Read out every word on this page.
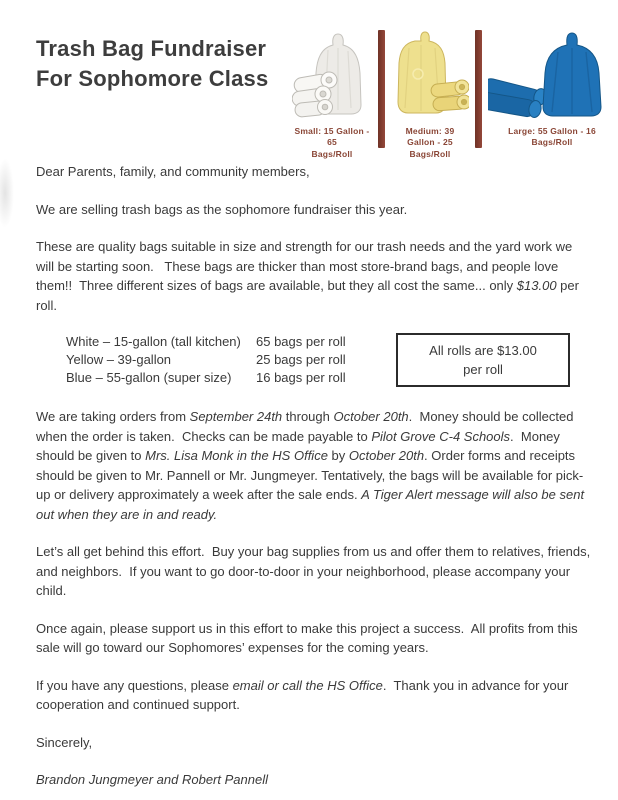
Trash Bag Fundraiser
For Sophomore Class
Small: 15 Gallon - 65
Bags/Roll
Medium: 39 Gallon - 25
Bags/Roll
Large: 55 Gallon - 16
Bags/Roll

Dear Parents, family, and community members,

We are selling trash bags as the sophomore fundraiser this year.

These are quality bags suitable in size and strength for our trash needs and the yard work we will be starting soon.   These bags are thicker than most store-brand bags, and people love them!!  Three different sizes of bags are available, but they all cost the same... only $13.00 per roll.

White – 15-gallon (tall kitchen)	65 bags per roll
Yellow – 39-gallon	25 bags per roll
Blue – 55-gallon (super size)	16 bags per roll
All rolls are $13.00
per roll

We are taking orders from September 24th through October 20th.  Money should be collected when the order is taken.  Checks can be made payable to Pilot Grove C-4 Schools.  Money should be given to Mrs. Lisa Monk in the HS Office by October 20th. Order forms and receipts should be given to Mr. Pannell or Mr. Jungmeyer. Tentatively, the bags will be available for pick-up or delivery approximately a week after the sale ends. A Tiger Alert message will also be sent out when they are in and ready.

Let’s all get behind this effort.  Buy your bag supplies from us and offer them to relatives, friends, and neighbors.  If you want to go door-to-door in your neighborhood, please accompany your child.

Once again, please support us in this effort to make this project a success.  All profits from this sale will go toward our Sophomores’ expenses for the coming years.

If you have any questions, please email or call the HS Office.  Thank you in advance for your cooperation and continued support.

Sincerely,

Brandon Jungmeyer and Robert Pannell
